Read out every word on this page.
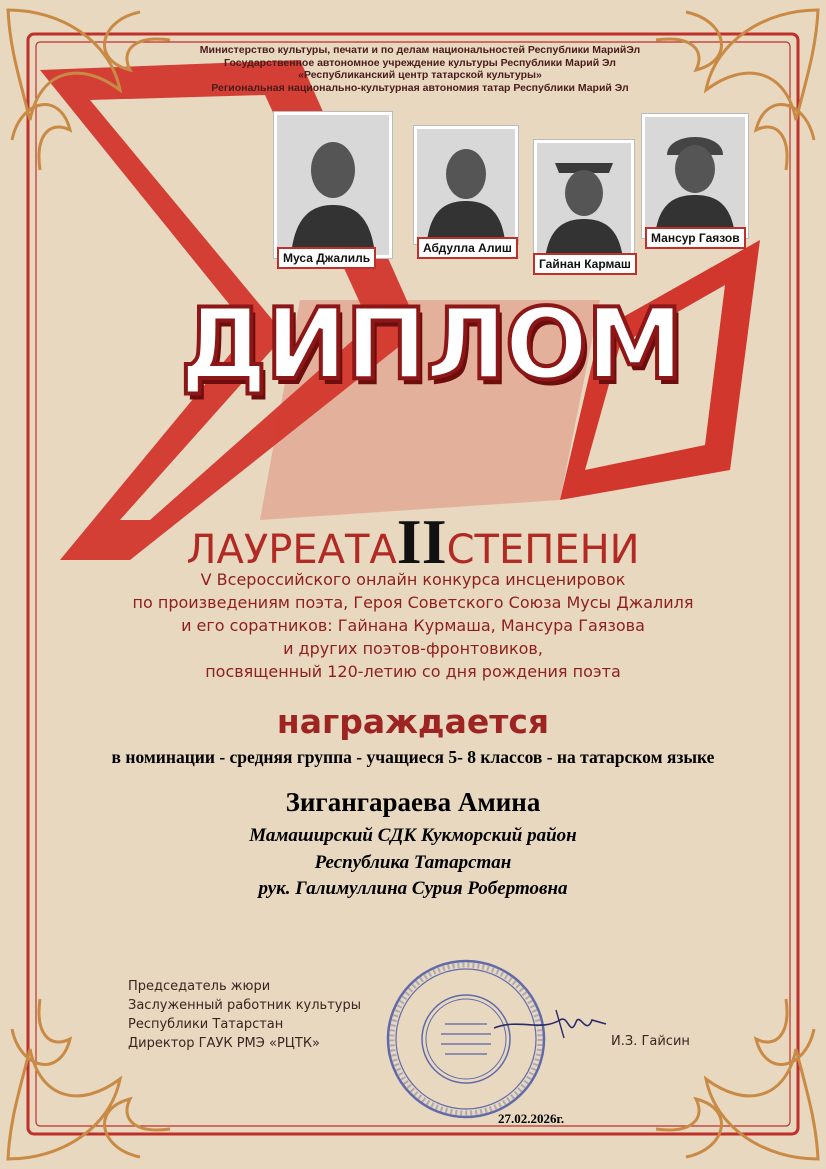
Министерство культуры, печати и по делам национальностей Республики МарийЭл
Государственное автономное учреждение культуры Республики Марий Эл
«Республиканский центр татарской культуры»
Региональная национально-культурная автономия татар Республики Марий Эл
Муса Джалиль
Абдулла Алиш
Гайнан Кармаш
Мансур Гаязов
ДИПЛОМ
ЛАУРЕАТАIIСТЕПЕНИ
V Всероссийского онлайн конкурса инсценировок
по произведениям поэта, Героя Советского Союза Мусы Джалиля
и его соратников: Гайнана Курмаша, Мансура Гаязова
и других поэтов-фронтовиков,
посвященный 120-летию со дня рождения поэта
награждается
в номинации - средняя группа - учащиеся 5- 8 классов - на татарском языке
Зигангараева Амина
Мамаширский СДК Кукморский район
Республика Татарстан
рук. Галимуллина Сурия Робертовна
Председатель жюри
Заслуженный работник культуры
Республики Татарстан
Директор ГАУК РМЭ «РЦТК»	И.З. Гайсин
27.02.2026г.
